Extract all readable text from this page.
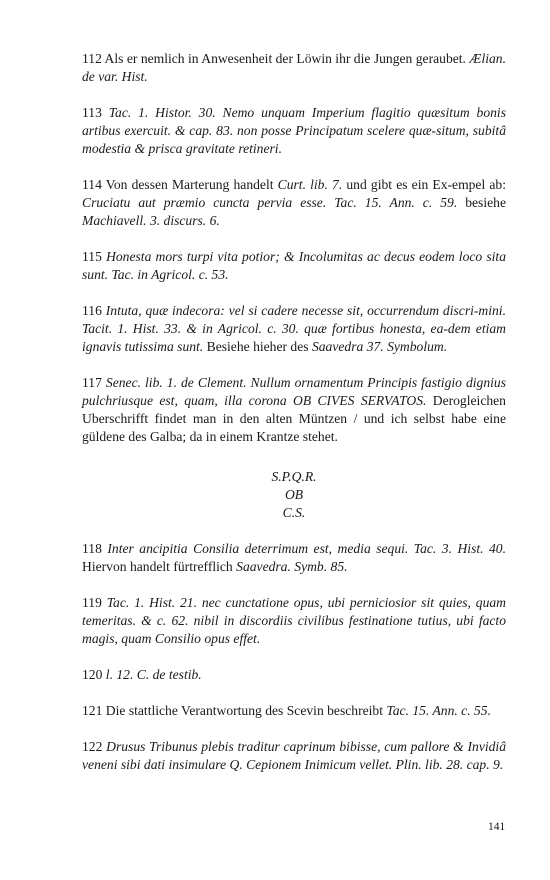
112 Als er nemlich in Anwesenheit der Löwin ihr die Jungen geraubet. Ælian. de var. Hist.

113 Tac. 1. Histor. 30. Nemo unquam Imperium flagitio quæsitum bonis artibus exercuit. & cap. 83. non posse Principatum scelere quæ-situm, subitâ modestia & prisca gravitate retineri.

114 Von dessen Marterung handelt Curt. lib. 7. und gibt es ein Ex-empel ab: Cruciatu aut præmio cuncta pervia esse. Tac. 15. Ann. c. 59. besiehe Machiavell. 3. discurs. 6.

115 Honesta mors turpi vita potior; & Incolumitas ac decus eodem loco sita sunt. Tac. in Agricol. c. 53.

116 Intuta, quæ indecora: vel si cadere necesse sit, occurrendum discri-mini. Tacit. 1. Hist. 33. & in Agricol. c. 30. quæ fortibus honesta, ea-dem etiam ignavis tutissima sunt. Besiehe hieher des Saavedra 37. Symbolum.

117 Senec. lib. 1. de Clement. Nullum ornamentum Principis fastigio dignius pulchriusque est, quam, illa corona OB CIVES SERVATOS. Derogleichen Uberschrifft findet man in den alten Müntzen / und ich selbst habe eine güldene des Galba; da in einem Krantze stehet.

S.P.Q.R.
OB
C.S.

118 Inter ancipitia Consilia deterrimum est, media sequi. Tac. 3. Hist. 40. Hiervon handelt fürtrefflich Saavedra. Symb. 85.

119 Tac. 1. Hist. 21. nec cunctatione opus, ubi perniciosior sit quies, quam temeritas. & c. 62. nibil in discordiis civilibus festinatione tutius, ubi facto magis, quam Consilio opus effet.

120 l. 12. C. de testib.

121 Die stattliche Verantwortung des Scevin beschreibt Tac. 15. Ann. c. 55.

122 Drusus Tribunus plebis traditur caprinum bibisse, cum pallore & Invidiâ veneni sibi dati insimulare Q. Cepionem Inimicum vellet. Plin. lib. 28. cap. 9.

141
